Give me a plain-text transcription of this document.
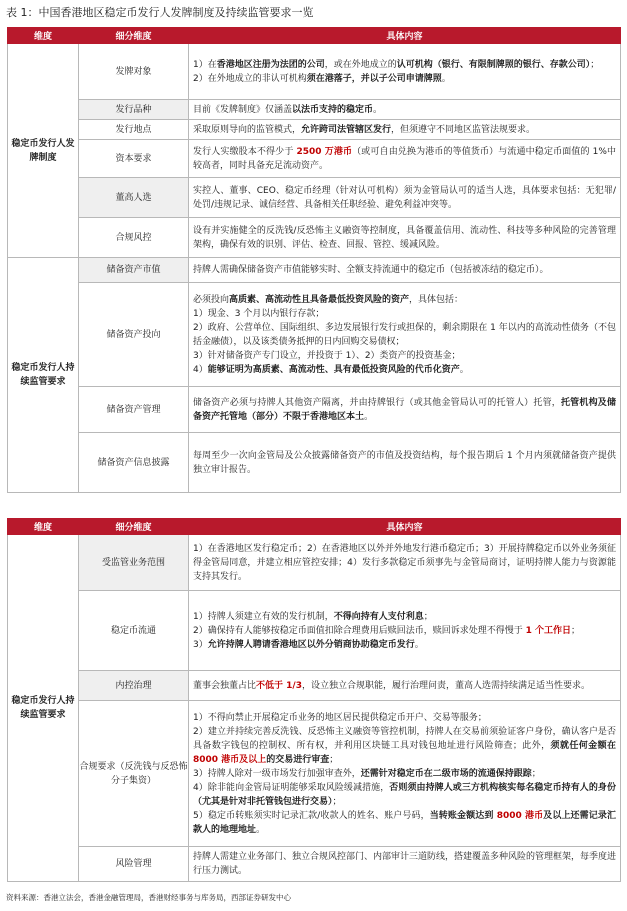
表 1：中国香港地区稳定币发行人发牌制度及持续监管要求一览
维度	细分维度	具体内容
稳定币发行人发牌制度	发牌对象	1）在香港地区注册为法团的公司，或在外地成立的认可机构（银行、有限制牌照的银行、存款公司）；
2）在外地成立的非认可机构须在港落子，并以子公司申请牌照。

	发行品种	目前《发牌制度》仅涵盖以法币支持的稳定币。

	发行地点	采取原则导向的监管模式，允许跨司法管辖区发行，但须遵守不同地区监管法规要求。

	资本要求	发行人实缴股本不得少于 2500 万港币（或可自由兑换为港币的等值货币）与流通中稳定币面值的 1%中较高者，同时具备充足流动资产。

	董高人选	实控人、董事、CEO、稳定币经理（针对认可机构）须为金管局认可的适当人选，具体要求包括：无犯罪/处罚/违规记录、诚信经营、具备相关任职经验、避免利益冲突等。

	合规风控	设有并实施健全的反洗钱/反恐怖主义融资等控制度，具备覆盖信用、流动性、科技等多种风险的完善管理架构，确保有效的识别、评估、检查、回报、管控、缓减风险。

稳定币发行人持续监管要求	储备资产市值	持牌人需确保储备资产市值能够实时、全额支持流通中的稳定币（包括被冻结的稳定币）。

	储备资产投向	必须投向高质素、高流动性且具备最低投资风险的资产，具体包括：
1）现金、3 个月以内银行存款；
2）政府、公营单位、国际组织、多边发展银行发行或担保的，剩余期限在 1 年以内的高流动性债务（不包括金融债），以及该类债务抵押的日内回购交易债权；
3）针对储备资产专门设立，并投资于 1）、2）类资产的投资基金；
4）能够证明为高质素、高流动性、具有最低投资风险的代币化资产。

	储备资产管理	储备资产必须与持牌人其他资产隔离，并由持牌银行（或其他金管局认可的托管人）托管，托管机构及储备资产托管地（部分）不限于香港地区本土。

	储备资产信息披露	每周至少一次向金管局及公众披露储备资产的市值及投资结构，每个报告期后 1 个月内须就储备资产提供独立审计报告。
维度	细分维度	具体内容
稳定币发行人持续监管要求	受监管业务范围	1）在香港地区发行稳定币；2）在香港地区以外并外地发行港币稳定币；3）开展持牌稳定币以外业务须征得金管局同意，并建立相应管控安排；4）发行多款稳定币须事先与金管局商讨，证明持牌人能力与资源能支持其发行。

	稳定币流通	1）持牌人须建立有效的发行机制，不得向持有人支付利息；
2）确保持有人能够按稳定币面值扣除合理费用后赎回法币，赎回诉求处理不得慢于 1 个工作日；
3）允许持牌人聘请香港地区以外分销商协助稳定币发行。

	内控治理	董事会独董占比不低于 1/3，设立独立合规职能，履行治理问责，董高人选需持续满足适当性要求。

	合规要求（反洗钱与反恐怖分子集资）	1）不得向禁止开展稳定币业务的地区居民提供稳定币开户、交易等服务；
2）建立并持续完善反洗钱、反恐怖主义融资等管控机制，持牌人在交易前须验证客户身份，确认客户是否具备数字钱包的控制权、所有权，并利用区块链工具对钱包地址进行风险筛查；此外，须就任何金额在 8000 港币及以上的交易进行审查；
3）持牌人除对一级市场发行加强审查外，还需针对稳定币在二级市场的流通保持跟踪；
4）除非能向金管局证明能够采取风险缓减措施，否则须由持牌人或三方机构核实每名稳定币持有人的身份（尤其是针对非托管钱包进行交易）；
5）稳定币转账须实时记录汇款/收款人的姓名、账户号码，当转账金额达到 8000 港币及以上还需记录汇款人的地理地址。

	风险管理	持牌人需建立业务部门、独立合规风控部门、内部审计三道防线，搭建覆盖多种风险的管理框架，每季度进行压力测试。
资料来源：香港立法会，香港金融管理局，香港财经事务与库务局，西部证券研发中心
